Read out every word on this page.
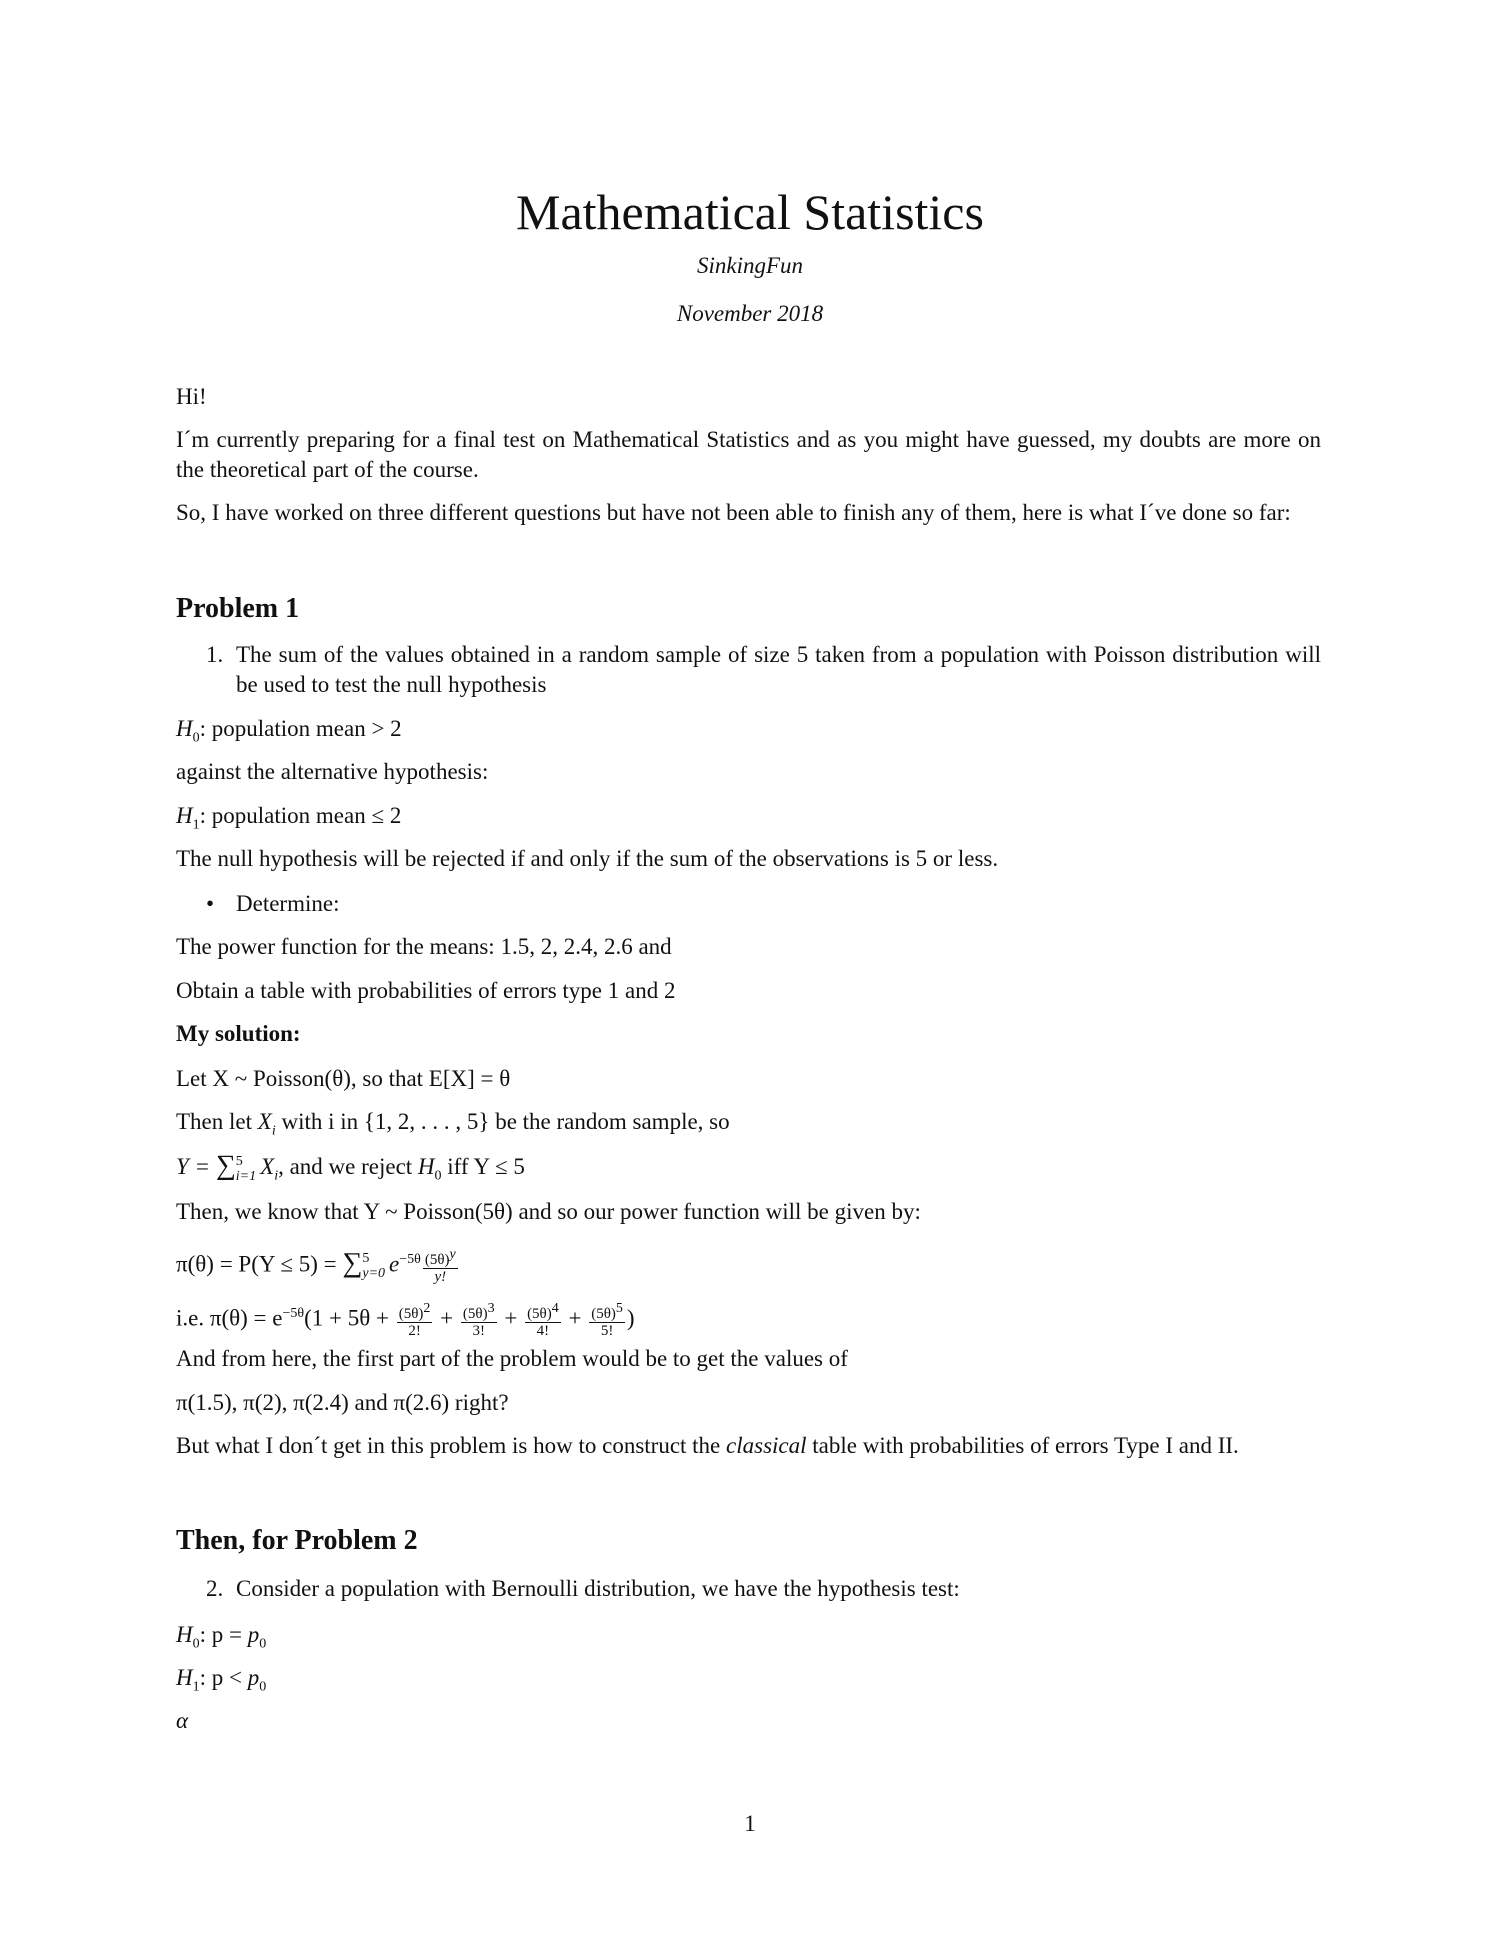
Mathematical Statistics
SinkingFun
November 2018
Hi!
I´m currently preparing for a final test on Mathematical Statistics and as you might have guessed, my doubts are more on the theoretical part of the course.
So, I have worked on three different questions but have not been able to finish any of them, here is what I´ve done so far:
Problem 1
1. The sum of the values obtained in a random sample of size 5 taken from a population with Poisson distribution will be used to test the null hypothesis
$H_0$: population mean > 2
against the alternative hypothesis:
$H_1$: population mean ≤ 2
The null hypothesis will be rejected if and only if the sum of the observations is 5 or less.
• Determine:
The power function for the means: 1.5, 2, 2.4, 2.6 and
Obtain a table with probabilities of errors type 1 and 2
My solution:
Let X ~ Poisson(θ), so that E[X] = θ
Then let $X_i$ with i in {1, 2, . . . , 5} be the random sample, so
Y = ∑ 5
i=1 $X_i$, and we reject $H_0$ iff Y ≤ 5
Then, we know that Y ~ Poisson(5θ) and so our power function will be given by:
π(θ) = P(Y ≤ 5) = ∑ 5
y=0 $e^{-5\theta} \frac{(5\theta)^y}{y!}$
i.e. $\pi(\theta) = e^{-5\theta}(1 + 5\theta + \frac{(5\theta)^2}{2!} + \frac{(5\theta)^3}{3!} + \frac{(5\theta)^4}{4!} + \frac{(5\theta)^5}{5!}$ )
And from here, the first part of the problem would be to get the values of
π(1.5), π(2), π(2.4) and π(2.6) right?
But what I don´t get in this problem is how to construct the classical table with probabilities of errors Type I and II.
Then, for Problem 2
2. Consider a population with Bernoulli distribution, we have the hypothesis test:
$H_0$: $p = p_0$
$H_1$: $p < p_0$
α
1
